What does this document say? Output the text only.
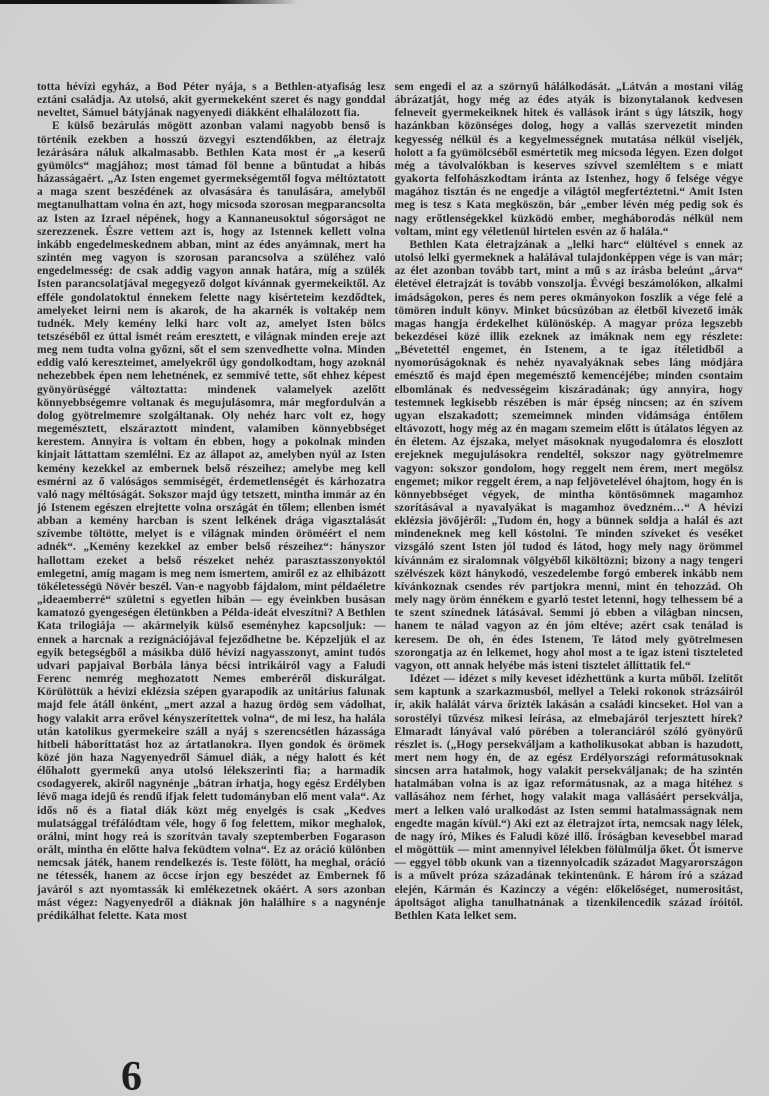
totta hévízi egyház, a Bod Péter nyája, s a Bethlen-atyafiság lesz eztáni családja. Az utolsó, akit gyermekeként szeret és nagy gonddal neveltet, Sámuel bátyjának nagyenyedi diákként elhalálozott fia.

E külső bezárulás mögött azonban valami nagyobb benső is történik ezekben a hosszú özvegyi esztendőkben, az életrajz lezárására náluk alkalmasabb. Bethlen Kata most ér „a keserű gyümölcs“ magjához; most támad föl benne a bűntudat a hibás házasságaért. „Az Isten engemet gyermekségemtől fogva méltóztatott a maga szent beszédének az olvasására és tanulására, amelyből megtanulhattam volna én azt, hogy micsoda szorosan megparancsolta az Isten az Izrael népének, hogy a Kannaneusoktul sógorságot ne szerezzenek. Észre vettem azt is, hogy az Istennek kellett volna inkább engedelmeskednem abban, mint az édes anyámnak, mert ha szintén meg vagyon is szorosan parancsolva a szüléhez való engedelmesség: de csak addig vagyon annak határa, míg a szülék Isten parancsolatjával megegyező dolgot kívánnak gyermekeiktől. Az efféle gondolatoktul énnekem felette nagy kisérteteim kezdődtek, amelyeket leirni nem is akarok, de ha akarnék is voltakép nem tudnék. Mely kemény lelki harc volt az, amelyet Isten bölcs tetszéséből ez úttal ismét reám eresztett, e világnak minden ereje azt meg nem tudta volna győzni, sőt el sem szenvedhette volna. Minden eddig való kereszteimet, amelyekről úgy gondolkodtam, hogy azoknál nehezebbek épen nem lehetnének, ez semmivé tette, sőt ehhez képest gyönyörüséggé változtatta: mindenek valamelyek azelőtt könnyebbségemre voltanak és megujulásomra, már megfordulván a dolog gyötrelmemre szolgáltanak. Oly nehéz harc volt ez, hogy megemésztett, elszáraztott mindent, valamiben könnyebbséget kerestem. Annyira is voltam én ebben, hogy a pokolnak minden kinjait láttattam szemlélni. Ez az állapot az, amelyben nyúl az Isten kemény kezekkel az embernek belső részeihez; amelybe meg kell esmérni az ő valóságos semmiségét, érdemetlenségét és kárhozatra való nagy méltóságát. Sokszor majd úgy tetszett, mintha immár az én jó Istenem egészen elrejtette volna országát én tőlem; ellenben ismét abban a kemény harcban is szent lelkének drága vigasztalását szívembe töltötte, melyet is e világnak minden öröméért el nem adnék“. „Kemény kezekkel az ember belső részeihez“: hányszor hallottam ezeket a belső részeket nehéz parasztasszonyoktól emlegetni, amíg magam is meg nem ismertem, amiről ez az elhibázott tökéletességü Növér beszél. Van-e nagyobb fájdalom, mint példaéletre „ideaemberré“ születni s egyetlen hibán — egy éveinkben busásan kamatozó gyengeségen életünkben a Példa-ideát elveszítni? A Bethlen Kata trilogiája — akármelyik külső eseményhez kapcsoljuk: — ennek a harcnak a rezignációjával fejeződhetne be. Képzeljük el az egyik betegségből a másikba dülő hévizi nagyasszonyt, amint tudós udvari papjaival Borbála lánya bécsi intrikáiról vagy a Faludi Ferenc nemrég meghozatott Nemes emberéről diskurálgat. Körülöttük a hévizi eklézsia szépen gyarapodik az unitárius falunak majd fele átáll önként, „mert azzal a hazug ördög sem vádolhat, hogy valakit arra erővel kényszerítettek volna“, de mi lesz, ha halála után katolikus gyermekeire száll a nyáj s szerencsétlen házassága hitbeli háboríttatást hoz az ártatlanokra. Ilyen gondok és örömek közé jön haza Nagyenyedről Sámuel diák, a négy halott és két élőhalott gyermekű anya utolsó lélekszerinti fia; a harmadik csodagyerek, akiről nagynénje „bátran írhatja, hogy egész Erdélyben lévő maga idejű és rendű ifjak felett tudományban elő ment vala“. Az idős nő és a fiatal diák közt még enyelgés is csak „Kedves mulatsággal tréfálódtam véle, hogy ő fog felettem, mikor meghalok, orálni, mint hogy reá is szorítván tavaly szeptemberben Fogarason orált, mintha én előtte halva feküdtem volna“. Ez az oráció különben nemcsak játék, hanem rendelkezés is. Teste fölött, ha meghal, oráció ne tétessék, hanem az öccse írjon egy beszédet az Embernek fő javáról s azt nyomtassák ki emlékezetnek okáért. A sors azonban mást végez: Nagyenyedről a diáknak jön halálhíre s a nagynénje prédikálhat felette. Kata most

sem engedi el az a szörnyű hálálkodását. „Látván a mostani világ ábrázatját, hogy még az édes atyák is bizonytalanok kedvesen felneveit gyermekeiknek hitek és vallások iránt s úgy látszik, hogy hazánkban közönséges dolog, hogy a vallás szervezetit minden kegyesség nélkül és a kegyelmességnek mutatása nélkül viseljék, holott a fa gyümölcséből esmértetik meg micsoda légyen. Ezen dolgot még a távolvalókban is keserves szívvel szemléltem s e miatt gyakorta felfohászkodtam iránta az Istenhez, hogy ő felsége végye magához tisztán és ne engedje a világtól megfertéztetni.“ Amit Isten meg is tesz s Kata megköszön, bár „ember lévén még pedig sok és nagy erőtlenségekkel küzködö ember, megháborodás nélkül nem voltam, mint egy véletlenül hirtelen esvén az ő halála.“

Bethlen Kata életrajzának a „lelki harc“ elültével s ennek az utolsó lelki gyermeknek a halálával tulajdonképpen vége is van már; az élet azonban tovább tart, mint a mű s az írásba beleúnt „árva“ életével életrajzát is tovább vonszolja. Évvégi beszámolókon, alkalmi imádságokon, peres és nem peres okmányokon foszlik a vége felé a tömören indult könyv. Minket búcsúzóban az életből kivezető imák magas hangja érdekelhet különöskép. A magyar próza legszebb bekezdései közé illik ezeknek az imáknak nem egy részlete: „Bévetettél engemet, én Istenem, a te igaz ítéletidből a nyomorúságoknak és nehéz nyavalyáknak sebes láng módjára emésztő és majd épen megemésztő kemencéjébe; minden csontaim elbomlának és nedvességeim kiszáradának; úgy annyira, hogy testemnek legkisebb részében is már épség nincsen; az én szívem ugyan elszakadott; szemeimnek minden vidámsága éntőlem eltávozott, hogy még az én magam szemeim előtt is útálatos légyen az én életem. Az éjszaka, melyet másoknak nyugodalomra és eloszlott erejeknek megujulásokra rendeltél, sokszor nagy gyötrelmemre vagyon: sokszor gondolom, hogy reggelt nem érem, mert megölsz engemet; mikor reggelt érem, a nap feljövetelével óhajtom, hogy én is könnyebbséget végyek, de mintha köntösömnek magamhoz szorításával a nyavalyákat is magamhoz övedzném…“ A hévizi eklézsia jövőjéről: „Tudom én, hogy a bünnek soldja a halál és azt mindeneknek meg kell kóstolni. Te minden szíveket és veséket vizsgáló szent Isten jól tudod és látod, hogy mely nagy örömmel kívánnám ez siralomnak völgyéből kiköltözni; bizony a nagy tengeri szélvészek közt hánykodó, veszedelembe forgó emberek inkább nem kívánkoznak csendes rév partjokra menni, mint én tehozzád. Oh mely nagy öröm énnékem e gyarló testet letenni, hogy telhessem bé a te szent színednek látásával. Semmi jó ebben a világban nincsen, hanem te nálad vagyon az én jóm eltéve; azért csak tenálad is keresem. De oh, én édes Istenem, Te látod mely gyötrelmesen szorongatja az én lelkemet, hogy ahol most a te igaz isteni tiszteleted vagyon, ott annak helyébe más isteni tisztelet állíttatik fel.“

Idézet — idézet s mily keveset idézhettünk a kurta műből. Izelítőt sem kaptunk a szarkazmusból, mellyel a Teleki rokonok strázsáiról ír, akik halálát várva őrizték lakásán a családi kincseket. Hol van a sorostélyi tűzvész mikesi leírása, az elmebajáról terjesztett hírek? Elmaradt lányával való pörében a toleranciáról szóló gyönyörű részlet is. („Hogy persekváljam a katholikusokat abban is hazudott, mert nem hogy én, de az egész Erdélyországi reformátusoknak sincsen arra hatalmok, hogy valakit persekváljanak; de ha szintén hatalmában volna is az igaz reformátusnak, az a maga hitéhez s vallásához nem férhet, hogy valakit maga vallásáért persekválja, mert a lelken való uralkodást az Isten semmi hatalmasságnak nem engedte magán kívül.“) Aki ezt az életrajzot írta, nemcsak nagy lélek, de nagy író, Mikes és Faludi közé illő. Íróságban kevesebbel marad el mögöttük — mint amennyivel lélekben fölülmúlja őket. Őt ismerve — eggyel több okunk van a tizennyolcadik századot Magyarországon is a művelt próza századának tekintenünk. E három író a század elején, Kármán és Kazinczy a végén: előkelőséget, numerositást, ápoltságot aligha tanulhatnának a tizenkilencedik század íróitól. Bethlen Kata lelket sem.

6
